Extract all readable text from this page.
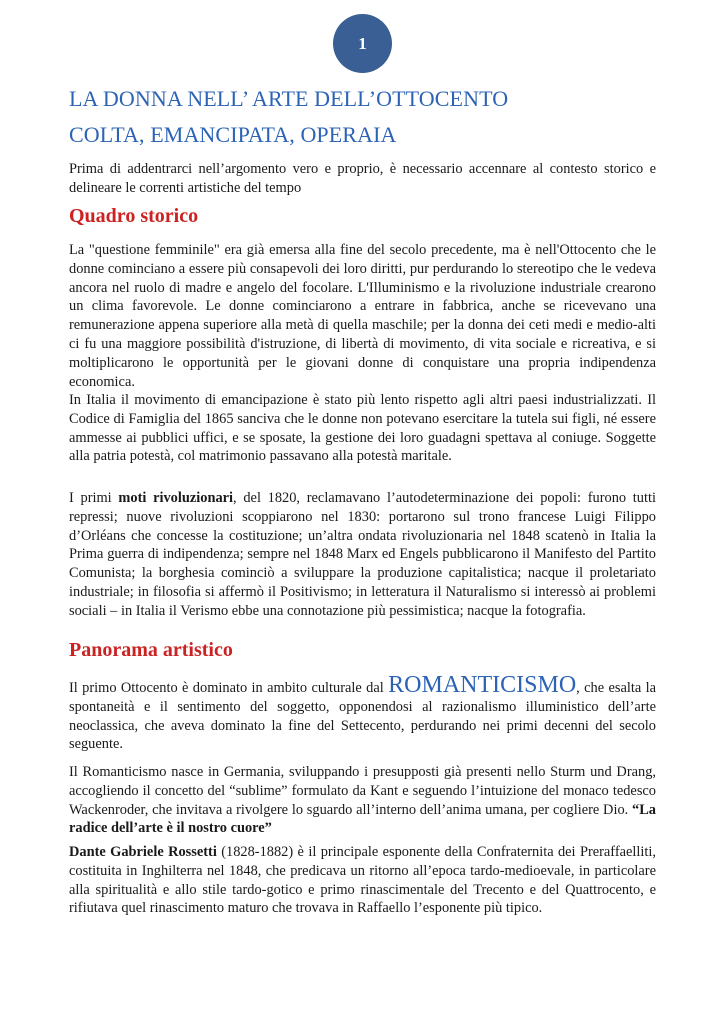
1
LA DONNA NELL’ ARTE DELL’OTTOCENTO
COLTA, EMANCIPATA, OPERAIA

Prima di addentrarci nell’argomento vero e proprio, è necessario accennare al contesto storico e delineare le correnti artistiche del tempo

Quadro storico

La "questione femminile" era già emersa alla fine del secolo precedente, ma è nell'Ottocento che le donne cominciano a essere più consapevoli dei loro diritti, pur perdurando lo stereotipo che le vedeva ancora nel ruolo di madre e angelo del focolare. L'Illuminismo e la rivoluzione industriale crearono un clima favorevole. Le donne cominciarono a entrare in fabbrica, anche se ricevevano una remunerazione appena superiore alla metà di quella maschile; per la donna dei ceti medi e medio-alti ci fu una maggiore possibilità d'istruzione, di libertà di movimento, di vita sociale e ricreativa, e si moltiplicarono le opportunità per le giovani donne di conquistare una propria indipendenza economica.

In Italia il movimento di emancipazione è stato più lento rispetto agli altri paesi industrializzati. Il Codice di Famiglia del 1865 sanciva che le donne non potevano esercitare la tutela sui figli, né essere ammesse ai pubblici uffici, e se sposate, la gestione dei loro guadagni spettava al coniuge. Soggette alla patria potestà, col matrimonio passavano alla potestà maritale.

I primi moti rivoluzionari, del 1820, reclamavano l’autodeterminazione dei popoli: furono tutti repressi; nuove rivoluzioni scoppiarono nel 1830: portarono sul trono francese Luigi Filippo d’Orléans che concesse la costituzione; un’altra ondata rivoluzionaria nel 1848 scatenò in Italia la Prima guerra di indipendenza; sempre nel 1848 Marx ed Engels pubblicarono il Manifesto del Partito Comunista; la borghesia cominciò a sviluppare la produzione capitalistica; nacque il proletariato industriale; in filosofia si affermò il Positivismo; in letteratura il Naturalismo si interessò ai problemi sociali – in Italia il Verismo ebbe una connotazione più pessimistica; nacque la fotografia.

Panorama artistico

Il primo Ottocento è dominato in ambito culturale dal ROMANTICISMO, che esalta la spontaneità e il sentimento del soggetto, opponendosi al razionalismo illuministico dell’arte neoclassica, che aveva dominato la fine del Settecento, perdurando nei primi decenni del secolo seguente.

Il Romanticismo nasce in Germania, sviluppando i presupposti già presenti nello Sturm und Drang, accogliendo il concetto del “sublime” formulato da Kant e seguendo l’intuizione del monaco tedesco Wackenroder, che invitava a rivolgere lo sguardo all’interno dell’anima umana, per cogliere Dio. “La radice dell’arte è il nostro cuore”

Dante Gabriele Rossetti (1828-1882) è il principale esponente della Confraternita dei Preraffaelliti, costituita in Inghilterra nel 1848, che predicava un ritorno all’epoca tardo-medioevale, in particolare alla spiritualità e allo stile tardo-gotico e primo rinascimentale del Trecento e del Quattrocento, e rifiutava quel rinascimento maturo che trovava in Raffaello l’esponente più tipico.
